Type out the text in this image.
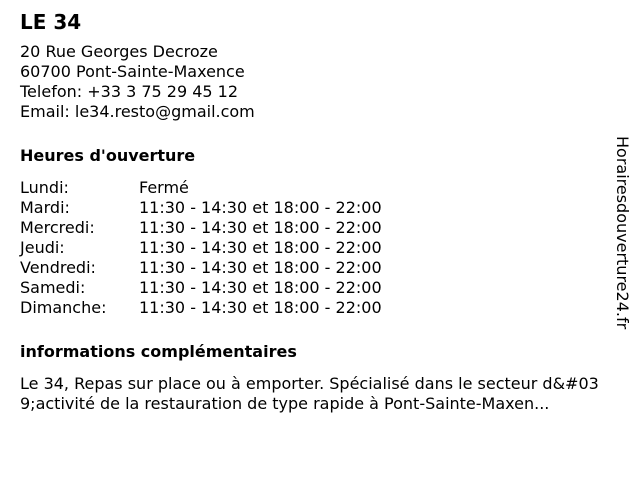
LE 34
20 Rue Georges Decroze
60700 Pont-Sainte-Maxence
Telefon: +33 3 75 29 45 12
Email: le34.resto@gmail.com
Heures d'ouverture
Lundi:	Fermé
Mardi:	11:30 - 14:30 et 18:00 - 22:00
Mercredi:	11:30 - 14:30 et 18:00 - 22:00
Jeudi:	11:30 - 14:30 et 18:00 - 22:00
Vendredi:	11:30 - 14:30 et 18:00 - 22:00
Samedi:	11:30 - 14:30 et 18:00 - 22:00
Dimanche:	11:30 - 14:30 et 18:00 - 22:00
informations complémentaires
Le 34, Repas sur place ou à emporter. Spécialisé dans le secteur d&#039;activité de la restauration de type rapide à Pont-Sainte-Maxen...
Horairesdouverture24.fr
